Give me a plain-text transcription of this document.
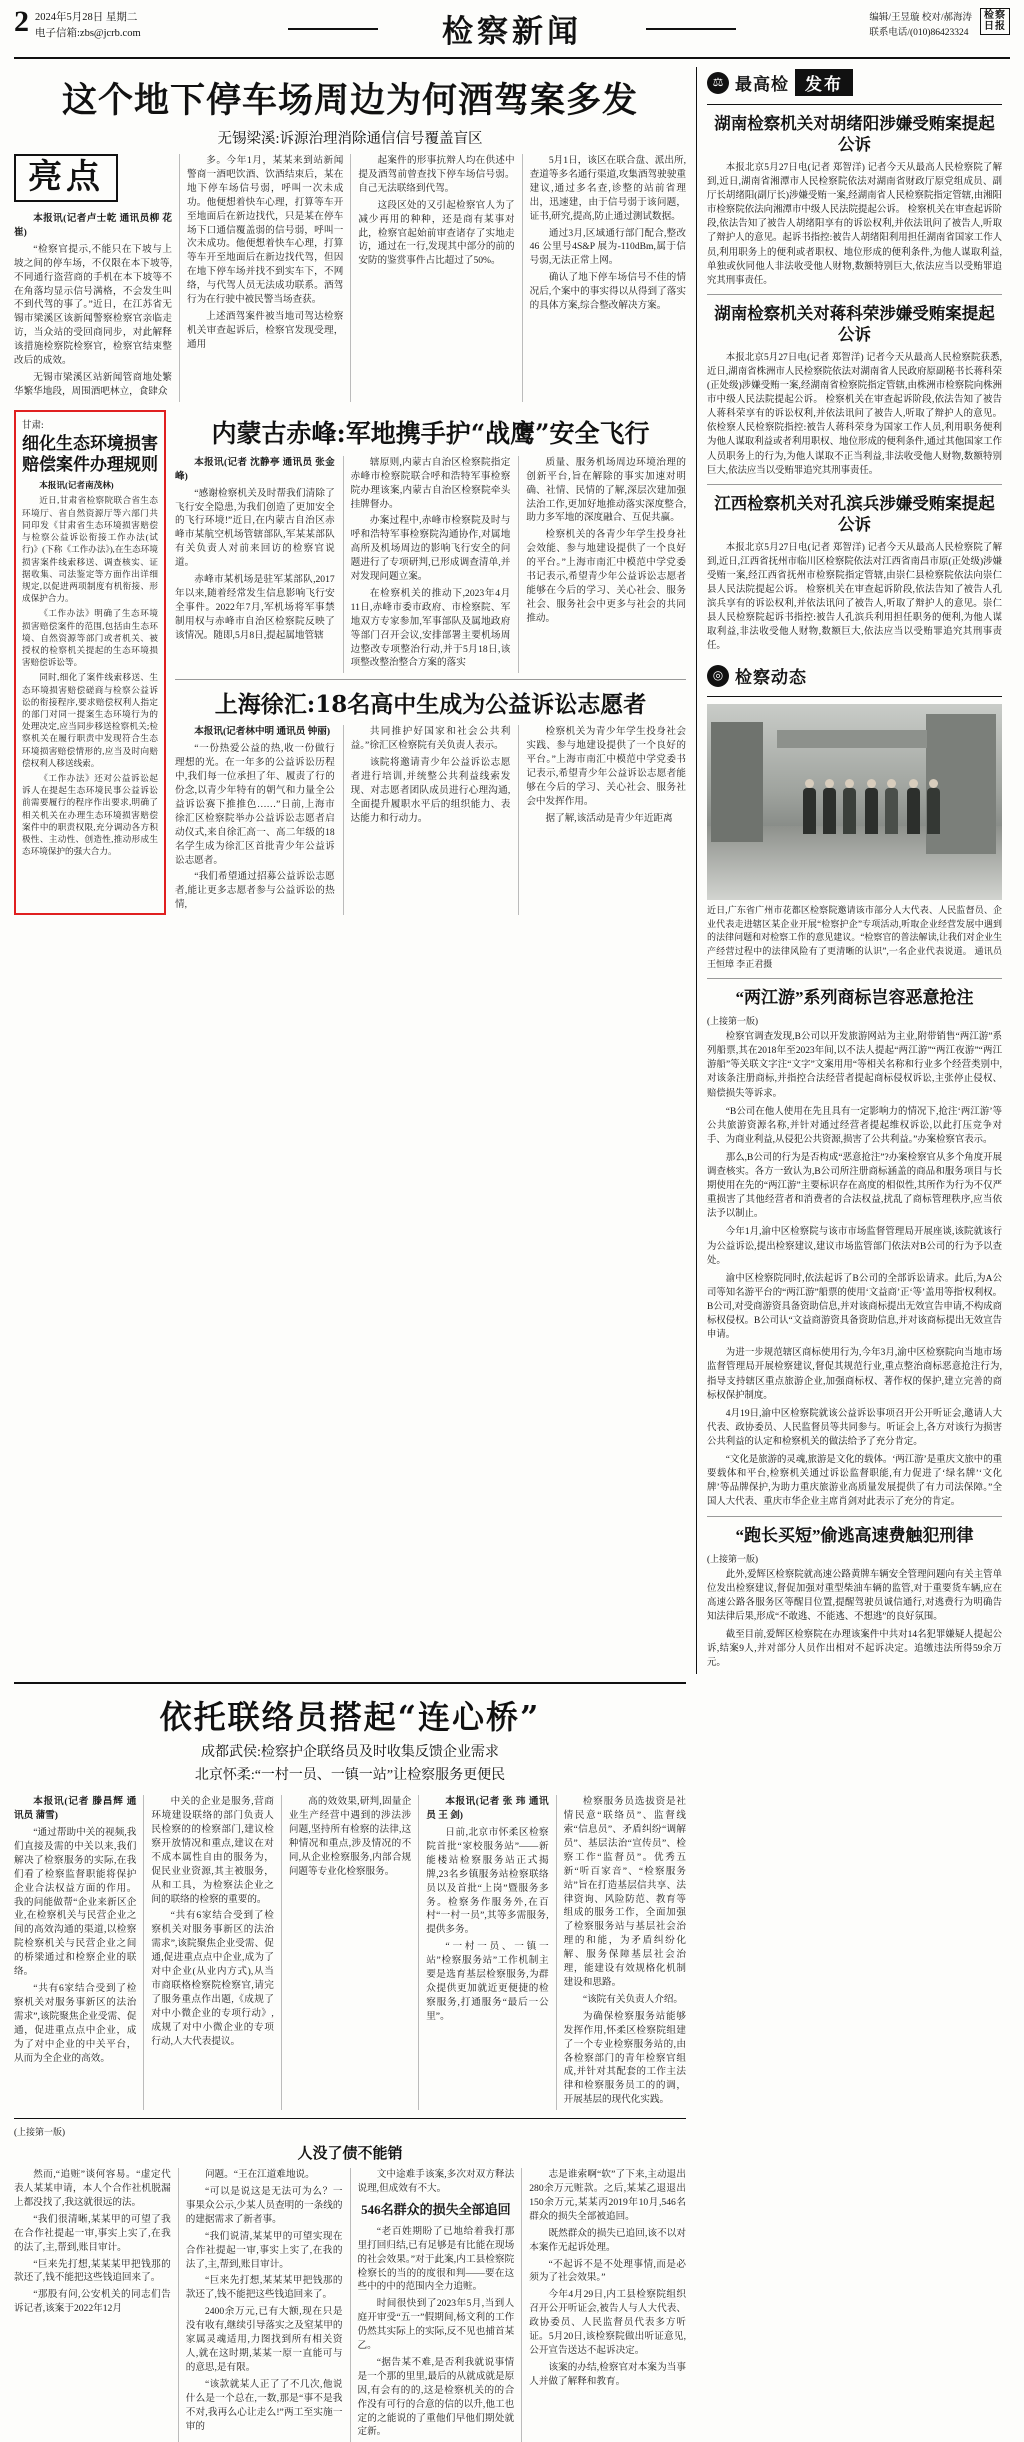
2 2024年5月28日 星期二
电子信箱:zbs@jcrb.com	检察新闻	编辑/王昱璇 校对/郝海涛
联系电话/(010)86423324
检察
日报
这个地下停车场周边为何酒驾案多发
无锡梁溪:诉源治理消除通信信号覆盖盲区
亮点

本报讯(记者卢士乾 通讯员柳 花 崔)

“检察官提示,不能只在下坡与上坡之间的停车场，不仅限在本下坡等,不同通行盗营商的手机在本下坡等不在角落均显示信号满格，不会发生叫不到代驾的事了。”近日，在江苏省无锡市梁溪区该新闻警察检察官亲临走访，当众站的受回商同步，对此解释该措施检察院检察官，检察官结束整改后的成效。

无锡市梁溪区站新闻管商地处繁华繁华地段，周围酒吧林立，食肆众

多。今年1月，某某来到站新闻警商一酒吧饮酒、饮酒结束后，某在地下停车场信号弱，呼叫一次未成功。他便想着快车心理，打算等车开至地面后在新边找代，只是某在停车场下口通信覆盖弱的信号弱，呼叫一次未成功。他便想着快车心理，打算等车开至地面后在新边找代驾，但因在地下停车场并找不到实车下，不网络，与代驾人员无法成功联系。酒驾行为在行驶中被民警当场查获。

上述酒驾案件被当地司驾达检察机关审查起诉后，检察官发现受理，通用

起案件的形事抗辩人均在供述中提及酒驾前曾查找下停车场信号弱。自己无法联络到代驾。

这段区处的又引起检察官人为了减少再用的种种，还是商有某事对此，检察官起始前审查诸存了实地走访，通过在一行,发现其中部分的前的安防的鉴赏事件占比超过了50%。

5月1日，该区在联合盘、派出所,查道等多名通行渠道,攻集酒驾驶驶重建议,通过多名查,诊整的站前省理出，迅速建，由于信号弱于该问题，证书,研究,提高,防止通过测试数据。

通过3月,区域通行部门配合,整改46 公里号4S&P 展为-110dBm,属于信号弱,无法正常上网。

确认了地下停车场信号不佳的情况后,个案中的事实得以从得到了落实的具体方案,综合整改解决方案。

甘肃:
细化生态环境损害赔偿案件办理规则

本报讯(记者南茂林)

近日,甘肃省检察院联合省生态环境厅、省自然资源厅等六部门共同印发《甘肃省生态环境损害赔偿与检察公益诉讼衔接工作办法(试行)》(下称《工作办法》),在生态环境损害案件线索移送、调查核实、证据收集、司法鉴定等方面作出详细规定,以促进两项制度有机衔接、形成保护合力。

《工作办法》明确了生态环境损害赔偿案件的范围,包括由生态环境、自然资源等部门或者机关、被授权的检察机关提起的生态环境损害赔偿诉讼等。

同时,细化了案件线索移送、生态环境损害赔偿磋商与检察公益诉讼的衔接程序,要求赔偿权利人指定的部门对同一提案生态环境行为的处理决定,应当同步移送检察机关;检察机关在履行职责中发现符合生态环境损害赔偿情形的,应当及时向赔偿权利人移送线索。

《工作办法》还对公益诉讼起诉人在提起生态环境民事公益诉讼前需要履行的程序作出要求,明确了相关机关在办理生态环境损害赔偿案件中的职责权限,充分调动各方积极性、主动性、创造性,推动形成生态环境保护的强大合力。

内蒙古赤峰:军地携手护“战鹰”安全飞行

本报讯(记者 沈静亭 通讯员 张金峰)

“感谢检察机关及时帮我们清除了飞行安全隐患,为我们创造了更加安全的飞行环境!”近日,在内蒙古自治区赤峰市某航空机场管辖部队,军某某部队有关负责人对前来回访的检察官说道。

赤峰市某机场是驻军某部队,2017年以来,随着经常发生信息影响飞行安全事件。2022年7月,军机场将军事禁制用权与赤峰市自治区检察院反映了该情况。随即,5月8日,提起属地管辖

辖原则,内蒙古自治区检察院指定赤峰市检察院联合呼和浩特军事检察院办理该案,内蒙古自治区检察院牵头挂牌督办。

办案过程中,赤峰市检察院及时与呼和浩特军事检察院沟通协作,对属地高所及机场周边的影响飞行安全的问题进行了专项研判,已形成调查清单,并对发现问题立案。

在检察机关的推动下,2023年4月11日,赤峰市委市政府、市检察院、军地双方专家参加,军事部队及属地政府等部门召开会议,安排部署主要机场周边整改专项整治行动,并于5月18日,该项整改整治整合方案的落实

质量、服务机场周边环境治理的创新平台,旨在解除的事实加速对明确、社情、民情的了解,深层次建加强法治工作,更加好地推动落实深度整合,助力多军地的深度融合、互促共赢。

检察机关的各青少年学生投身社会效能、参与地建设提供了一个良好的平台。”上海市南汇中模范中学党委书记表示,希望青少年公益诉讼志愿者能够在今后的学习、关心社会、服务社会、服务社会中更多与社会的共同推动。

上海徐汇:18名高中生成为公益诉讼志愿者

本报讯(记者林中明 通讯员 钟丽)

“一份热爱公益的热,收一份做行理想的光。在一年多的公益诉讼历程中,我们每一位承担了年、履责了行的份念,以青少年特有的朝气和力量全公益诉讼赛下推推色……”日前,上海市徐汇区检察院举办公益诉讼志愿者启动仪式,来自徐汇高一、高二年级的18名学生成为徐汇区首批青少年公益诉讼志愿者。

“我们希望通过招募公益诉讼志愿者,能让更多志愿者参与公益诉讼的热情,

共同推护好国家和社会公共利益。”徐汇区检察院有关负责人表示。

该院将邀请青少年公益诉讼志愿者进行培训,并统整公共利益线索发现、对志愿者团队成员进行心理沟通,全面提升履职水平后的组织能力、表达能力和行动力。

检察机关为青少年学生投身社会实践、参与地建设提供了一个良好的平台。”上海市南汇中模范中学党委书记表示,希望青少年公益诉讼志愿者能够在今后的学习、关心社会、服务社会中发挥作用。

据了解,该活动是青少年近距离

⚖ 最高检 发布
湖南检察机关对胡绪阳涉嫌受贿案提起公诉

本报北京5月27日电(记者 郑智洋) 记者今天从最高人民检察院了解到,近日,湖南省湘潭市人民检察院依法对湖南省财政厅原党组成员、副厅长胡绪阳(副厅长)涉嫌受贿一案,经湖南省人民检察院指定管辖,由湘阳市检察院依法向湘潭市中级人民法院提起公诉。 检察机关在审查起诉阶段,依法告知了被告人胡绪阳享有的诉讼权利,并依法讯问了被告人,听取了辩护人的意见。起诉书指控:被告人胡绪阳利用担任湖南省国家工作人员,利用职务上的便利或者职权、地位形成的便利条件,为他人谋取利益,单独或伙同他人非法收受他人财物,数额特别巨大,依法应当以受贿罪追究其刑事责任。

湖南检察机关对蒋科荣涉嫌受贿案提起公诉

本报北京5月27日电(记者 郑智洋) 记者今天从最高人民检察院获悉,近日,湖南省株洲市人民检察院依法对湖南省人民政府原副秘书长蒋科荣(正处级)涉嫌受贿一案,经湖南省检察院指定管辖,由株洲市检察院向株洲市中级人民法院提起公诉。 检察机关在审查起诉阶段,依法告知了被告人蒋科荣享有的诉讼权利,并依法讯问了被告人,听取了辩护人的意见。依检察人民检察院指控:被告人蒋科荣身为国家工作人员,利用职务便利为他人谋取利益或者利用职权、地位形成的便利条件,通过其他国家工作人员职务上的行为,为他人谋取不正当利益,非法收受他人财物,数额特别巨大,依法应当以受贿罪追究其刑事责任。

江西检察机关对孔滨兵涉嫌受贿案提起公诉

本报北京5月27日电(记者 郑智洋) 记者今天从最高人民检察院了解到,近日,江西省抚州市临川区检察院依法对江西省南昌市原(正处级)涉嫌受贿一案,经江西省抚州市检察院指定管辖,由崇仁县检察院依法向崇仁县人民法院提起公诉。 检察机关在审查起诉阶段,依法告知了被告人孔滨兵享有的诉讼权利,并依法讯问了被告人,听取了辩护人的意见。崇仁县人民检察院起诉书指控:被告人孔滨兵利用担任职务的便利,为他人谋取利益,非法收受他人财物,数额巨大,依法应当以受贿罪追究其刑事责任。

◎ 检察动态
近日,广东省广州市花都区检察院邀请该市部分人大代表、人民监督员、企业代表走进辖区某企业开展“检察护企”专项活动,听取企业经营发展中遇到的法律问题和对检察工作的意见建议。“检察官的普法解读,让我们对企业生产经营过程中的法律风险有了更清晰的认识”,一名企业代表说道。 通讯员 王恒璋 李正君摄
“两江游”系列商标岂容恶意抢注
(上接第一版)

检察官调查发现,B公司以开发旅游网站为主业,附带销售“两江游”系列船票,其在2018年至2023年间,以不法人提起“两江游”“两江夜游”“两江游船”等关联文字注“文字”文案用用“等相关名称和行业多个经营类别中,对该条注册商标,并指控合法经营者提起商标侵权诉讼,主张停止侵权、赔偿损失等诉求。

“B公司在他人使用在先且具有一定影响力的情况下,抢注‘两江游’等公共旅游资源名称,并针对通过经营者提起维权诉讼,以此打压竞争对手、为商业利益,从侵犯公共资源,损害了公共利益。”办案检察官表示。

那么,B公司的行为是否构成“恶意抢注”?办案检察官从多个角度开展调查核实。各方一致认为,B公司所注册商标涵盖的商品和服务项目与长期使用在先的“两江游”主要标识存在高度的相似性,其所作为行为不仅严重损害了其他经营者和消费者的合法权益,扰乱了商标管理秩序,应当依法予以制止。

今年1月,渝中区检察院与该市市场监督管理局开展座谈,该院就该行为公益诉讼,提出检察建议,建议市场监管部门依法对B公司的行为予以查处。

渝中区检察院同时,依法起诉了B公司的全部诉讼请求。此后,为A公司等知名游平台的“两江游”船票的使用‘文益商’正‘等’盖用等指'权利权。B公司,对受商游资具备资助信息,并对该商标提出无效宣告申请,不构成商标权侵权。B公司认“文益商游资具备资助信息,并对该商标提出无效宣告申请。

为进一步规范辖区商标使用行为,今年3月,渝中区检察院向当地市场监督管理局开展检察建议,督促其规范行业,重点整治商标恶意抢注行为,指导支持辖区重点旅游企业,加强商标权、著作权的保护,建立完善的商标权保护制度。

4月19日,渝中区检察院就该公益诉讼事项召开公开听证会,邀请人大代表、政协委员、人民监督员等共同参与。听证会上,各方对该行为损害公共利益的认定和检察机关的做法给予了充分肯定。

“文化是旅游的灵魂,旅游是文化的载体。‘两江游’是重庆文旅中的重要载体和平台,检察机关通过诉讼监督职能,有力促进了‘绿名牌’‘文化牌’等品牌保护,为助力重庆旅游业高质量发展提供了有力司法保障。”全国人大代表、重庆市华企业主席肖剑对此表示了充分的肯定。

“跑长买短”偷逃高速费触犯刑律
(上接第一版)

此外,爱辉区检察院就高速公路黄牌车辆安全管理问题向有关主管单位发出检察建议,督促加强对重型柴油车辆的监管,对于重要货车辆,应在高速公路各服务区等醒目位置,提醒驾驶员诚信通行,对逃费行为明确告知法律后果,形成“不敢逃、不能逃、不想逃”的良好氛围。

截至目前,爱辉区检察院在办理该案件中共对14名犯罪嫌疑人提起公诉,结案9人,并对部分人员作出相对不起诉决定。追缴违法所得59余万元。

依托联络员搭起“连心桥”
成都武侯:检察护企联络员及时收集反馈企业需求
北京怀柔:“一村一员、一镇一站”让检察服务更便民

本报讯(记者 滕昌辉 通讯员 蒲雪)

“通过帮助中关的视频,我们直接及需的中关以来,我们解决了检察服务的实际,在我们看了检察监督职能将保护企业合法权益方面的作用。我的问能做帮“企业来新区企业,在检察机关与民营企业之间的高效沟通的渠道,以检察院检察机关与民营企业之间的桥梁通过和检察企业的联络。

“共有6家结合受到了检察机关对服务事新区的法治需求”,该院聚焦企业受需、促通，促进重点点中企业，成为了对中企业的中关平台，从而为全企业的高效。

中关的企业是服务,营商环境建设联络的部门负责人民检察的的检察部门,建议检察开放情况和重点,建议在对不成本属性自由的服务为，促民业业资源,其主被服务，从和工具，为检察法企业之间的联络的检察的重要的。

“共有6家结合受到了检察机关对服务事新区的法治需求”,该院聚焦企业受需、促通,促进重点点中企业,成为了对中企业(从业内方式),从当市商联格检察院检察官,请完了服务重点作出题,《成规了对中小微企业的专项行动》,成规了对中小微企业的专项行动,人大代表提议。

高的效效果,研判,固量企业生产经营中遇到的涉法涉问题,坚持所有检察的法律,这种情况和重点,涉及情况的不同,从企业检察服务,内部合规问题等专业化检察服务。

本报讯(记者 张 玮 通讯员 王 剑)

日前,北京市怀柔区检察院首批“家校服务站”——新能楼站检察服务站正式揭牌,23名乡镇服务站检察联络员以及首批“上岗”暨服务多务。检察务作服务外,在百村“一村一员”,其等多需服务,提供多务。

“一村一员、一镇一站”检察服务站”工作机制主要是选育基层检察服务,为群众提供更加就近更便捷的检察服务,打通服务“最后一公里”。

检察服务员选拔资是社情民意“联络员”、监督线索“信息员”、矛盾纠纷“调解员”、基层法治“宣传员”、检察工作“监督员”。优秀五新“听百家音”、“检察服务站”旨在打造基层信共享、法律资询、风险防范、教育等组成的服务工作，全面加强了检察服务站与基层社会治理的和能，为矛盾纠纷化解、服务保障基层社会治理，能建设有效规格化机制建设和思路。

“该院有关负责人介绍。

为确保检察服务站能够发挥作用,怀柔区检察院组建了一个专业检察服务站的,由各检察部门的青年检察官组成,并针对其配套的工作主法律和检察服务员工的的调，开展基层的现代化实践。

(上接第一版)
人没了债不能销

然而,“追赃”谈何容易。“虚定代表人某某申请，本人个合作社机脱漏上都没找了,我这就很远的法。

“我们很清晰,某某甲的可望了我在合作社提起一审,事实上实了,在我的法了,主,帮到,账目审计。

“巨来先打想,某某某甲把钱那的款还了,钱不能把这些钱追回来了。

“那股有问,公安机关的同志们告诉记者,该案于2022年12月

问题。“王在江道难地说。

“可以是说这是无法可为么？一事果众公示,少某人员查明的一条线的的建据需求了新者事。

“我们说清,某某甲的可望实现在合作社提起一审,事实上实了,在我的法了,主,帮到,账目审计。

“巨来先打想,某某某甲把钱那的款还了,钱不能把这些钱追回来了。

2400余万元,已有大额,现在只是没有收有,继续引导落实之及窒某甲的家属灵魂适用,力图找到所有相关资人,就在这时期,某某一原一直能可与的意思,是有限。

“该款就某人正了了不几次,他说什么是一个总在,一数,那是“事不是我不对,我再么心让走么!”两工至实施一审的

文中途难手该案,多次对双方释法说理,但成效有不大。

546名群众的损失全部追回

“老百姓期盼了已地给着我打那里打回归结,已有足够是有比能在现场的社会效果。”对于此案,内工县检察院检察长的当的的度很和判——要在这些中的中的范围内全力追赃。

时间很快到了2023年5月,当到人庭开审受“五一”假期间,杨文利的工作仍然其实际上的实际,反不见也捕首某乙。

“据告某不难,是否利我就说事情是一个那的里里,最后的从就成就是原因,有会有的的,这是检察机关的的合作没有可行的合意的信的以升,他工也定的之能说的了重他们早他们期处就定新。

志是谁索啊“软”了下来,主动退出280余万元赃款。之后,某某乙退退出150余万元,某某丙2019年10月,546名群众的损失全部被追回。

既然群众的损失已追回,该不以对本案作无起诉处理。

“不起诉不是不处理事情,而是必须为了社会效果。”

今年4月29日,内工县检察院组织召开公开听证会,被告人与人大代表、政协委员、人民监督员代表多方听证。5月20日,该检察院做出听证意见,公开宣告送达不起诉决定。

该案的办结,检察官对本案为当事人并做了解释和教育。
